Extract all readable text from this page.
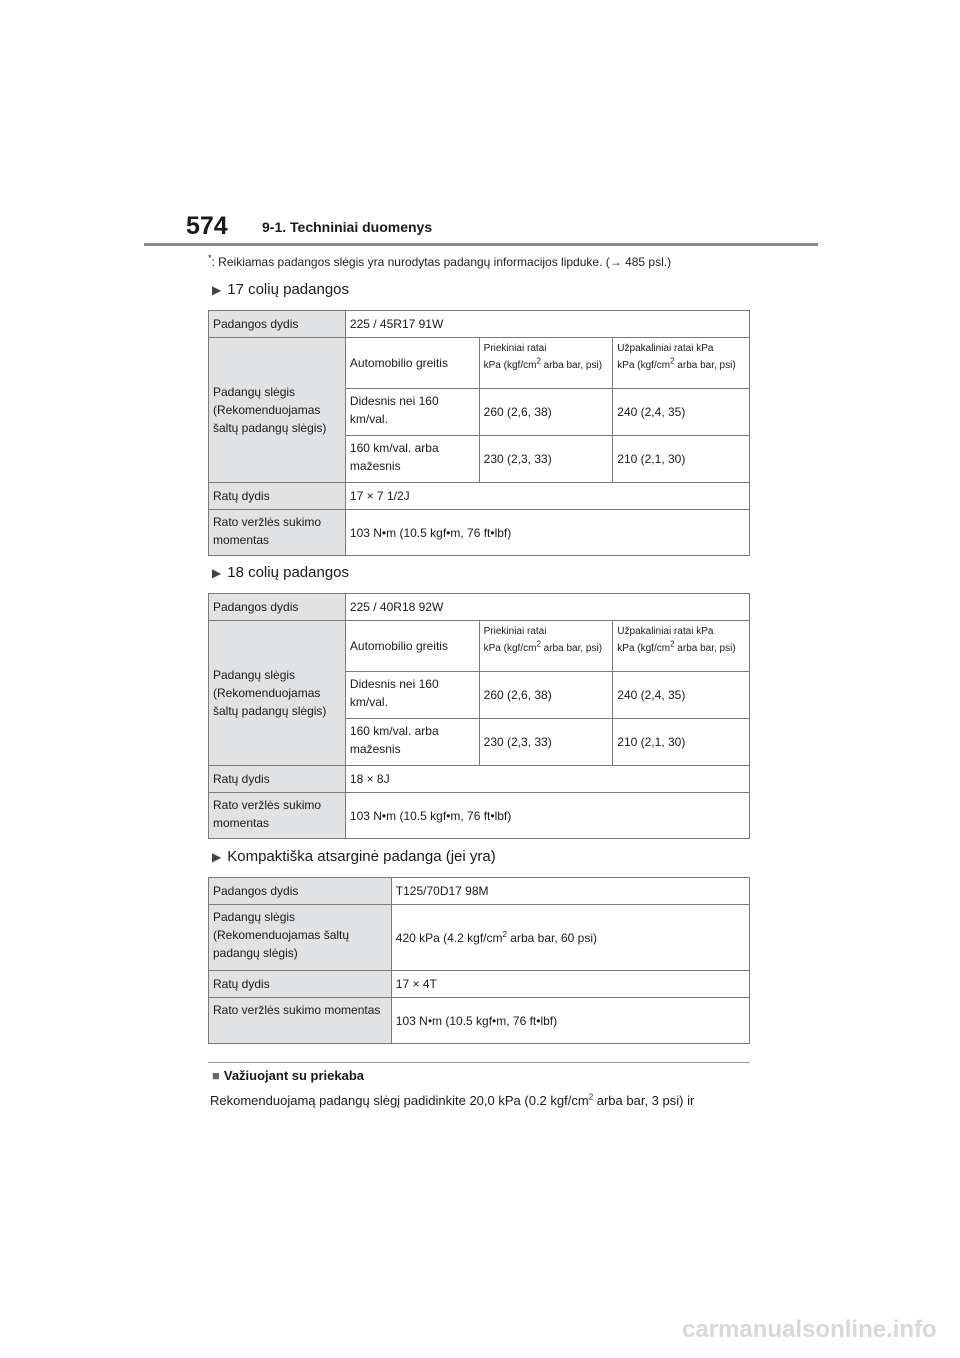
574 9-1. Techniniai duomenys
*: Reikiamas padangos slėgis yra nurodytas padangų informacijos lipduke. (→ 485 psl.)
▶ 17 colių padangos
Padangos dydis	225 / 45R17 91W		
Padangų slėgis (Rekomenduojamas šaltų padangų slėgis)	Automobilio greitis	Priekiniai ratai
kPa ($kgf/cm^2$ arba bar, psi)	Užpakaliniai ratai kPa
kPa ($kgf/cm^2$ arba bar, psi)
	Didesnis nei 160 km/val.	260 (2,6, 38)	240 (2,4, 35)
	160 km/val. arba mažesnis	230 (2,3, 33)	210 (2,1, 30)
Ratų dydis	17 × 7 1/2J		
Rato veržlės sukimo momentas	103 N•m (10.5 kgf•m, 76 ft•lbf)		
▶ 18 colių padangos
Padangos dydis	225 / 40R18 92W		
Padangų slėgis (Rekomenduojamas šaltų padangų slėgis)	Automobilio greitis	Priekiniai ratai
kPa ($kgf/cm^2$ arba bar, psi)	Užpakaliniai ratai kPa
kPa ($kgf/cm^2$ arba bar, psi)
	Didesnis nei 160 km/val.	260 (2,6, 38)	240 (2,4, 35)
	160 km/val. arba mažesnis	230 (2,3, 33)	210 (2,1, 30)
Ratų dydis	18 × 8J		
Rato veržlės sukimo momentas	103 N•m (10.5 kgf•m, 76 ft•lbf)		
▶ Kompaktiška atsarginė padanga (jei yra)
Padangos dydis	T125/70D17 98M
Padangų slėgis (Rekomenduojamas šaltų padangų slėgis)	420 kPa (4.2 kgf/$cm^2$ arba bar, 60 psi)
Ratų dydis	17 × 4T
Rato veržlės sukimo momentas	103 N•m (10.5 kgf•m, 76 ft•lbf)
■ Važiuojant su priekaba
Rekomenduojamą padangų slėgį padidinkite 20,0 kPa (0.2 kgf/$cm^2$ arba bar, 3 psi) ir
carmanualsonline.info
